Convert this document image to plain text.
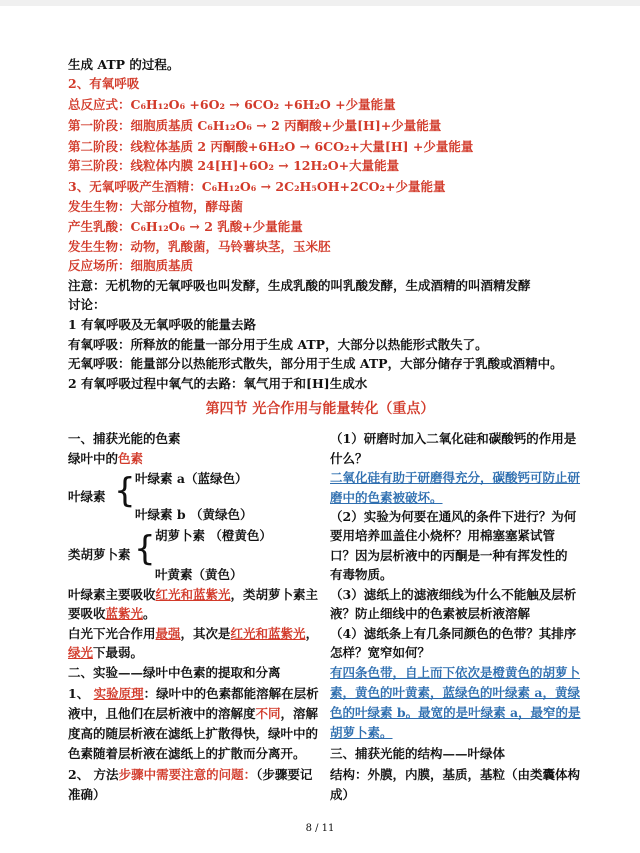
生成 ATP 的过程。
2、有氧呼吸
总反应式：C₆H₁₂O₆ +6O₂ → 6CO₂ +6H₂O +少量能量
第一阶段：细胞质基质 C₆H₁₂O₆ → 2 丙酮酸+少量[H]+少量能量
第二阶段：线粒体基质 2 丙酮酸+6H₂O → 6CO₂+大量[H] +少量能量
第三阶段：线粒体内膜 24[H]+6O₂ → 12H₂O+大量能量
3、无氧呼吸产生酒精：C₆H₁₂O₆ → 2C₂H₅OH+2CO₂+少量能量
发生生物：大部分植物，酵母菌
产生乳酸：C₆H₁₂O₆ → 2 乳酸+少量能量
发生生物：动物，乳酸菌，马铃薯块茎，玉米胚
反应场所：细胞质基质
注意：无机物的无氧呼吸也叫发酵，生成乳酸的叫乳酸发酵，生成酒精的叫酒精发酵
讨论：
1 有氧呼吸及无氧呼吸的能量去路
有氧呼吸：所释放的能量一部分用于生成 ATP，大部分以热能形式散失了。
无氧呼吸：能量部分以热能形式散失，部分用于生成 ATP，大部分储存于乳酸或酒精中。
2 有氧呼吸过程中氧气的去路：氧气用于和[H]生成水
第四节 光合作用与能量转化（重点）
一、捕获光能的色素
绿叶中的色素
叶绿素 a（蓝绿色）
叶绿素 {
叶绿素 b （黄绿色）
胡萝卜素 （橙黄色）
类胡萝卜素 {
叶黄素（黄色）
叶绿素主要吸收红光和蓝紫光，类胡萝卜素主
要吸收蓝紫光。
白光下光合作用最强，其次是红光和蓝紫光，
绿光下最弱。
二、实验——绿叶中色素的提取和分离
1、 实验原理：绿叶中的色素都能溶解在层析
液中，且他们在层析液中的溶解度不同，溶解
度高的随层析液在滤纸上扩散得快，绿叶中的
色素随着层析液在滤纸上的扩散而分离开。
2、 方法步骤中需要注意的问题：（步骤要记
准确）
（1）研磨时加入二氧化硅和碳酸钙的作用是
什么？
二氧化硅有助于研磨得充分，碳酸钙可防止研
磨中的色素被破坏。
（2）实验为何要在通风的条件下进行？为何
要用培养皿盖住小烧杯？用棉塞塞紧试管
口？因为层析液中的丙酮是一种有挥发性的
有毒物质。
（3）滤纸上的滤液细线为什么不能触及层析
液？防止细线中的色素被层析液溶解
（4）滤纸条上有几条同颜色的色带？其排序
怎样？宽窄如何？
有四条色带，自上而下依次是橙黄色的胡萝卜
素，黄色的叶黄素，蓝绿色的叶绿素 a，黄绿
色的叶绿素 b。最宽的是叶绿素 a，最窄的是
胡萝卜素。
三、捕获光能的结构——叶绿体
结构：外膜，内膜，基质，基粒（由类囊体构
成）
8 / 11
